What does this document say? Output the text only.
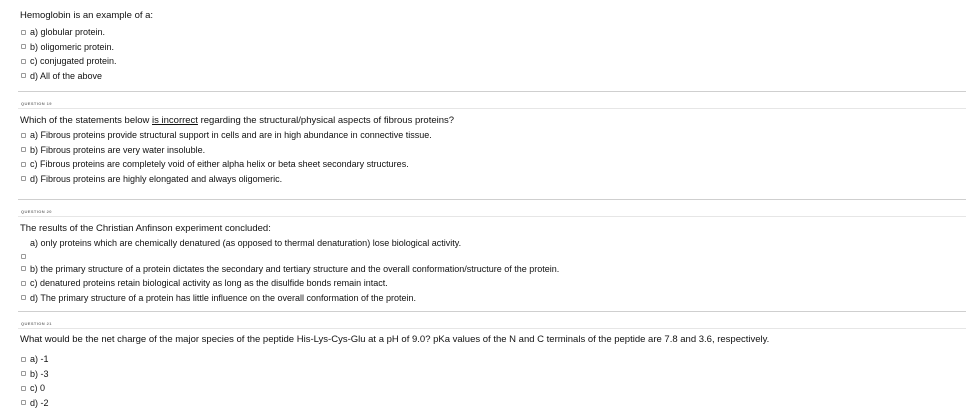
Hemoglobin is an example of a:
a) globular protein.
b) oligomeric protein.
c) conjugated protein.
d) All of the above
QUESTION 19
Which of the statements below is incorrect regarding the structural/physical aspects of fibrous proteins?
a) Fibrous proteins provide structural support in cells and are in high abundance in connective tissue.
b) Fibrous proteins are very water insoluble.
c) Fibrous proteins are completely void of either alpha helix or beta sheet secondary structures.
d) Fibrous proteins are highly elongated and always oligomeric.
QUESTION 20
The results of the Christian Anfinson experiment concluded:
a) only proteins which are chemically denatured (as opposed to thermal denaturation) lose biological activity.
b) the primary structure of a protein dictates the secondary and tertiary structure and the overall conformation/structure of the protein.
c) denatured proteins retain biological activity as long as the disulfide bonds remain intact.
d) The primary structure of a protein has little influence on the overall conformation of the protein.
QUESTION 21
What would be the net charge of the major species of the peptide His-Lys-Cys-Glu at a pH of 9.0? pKa values of the N and C terminals of the peptide are 7.8 and 3.6, respectively.
a) -1
b) -3
c) 0
d) -2
